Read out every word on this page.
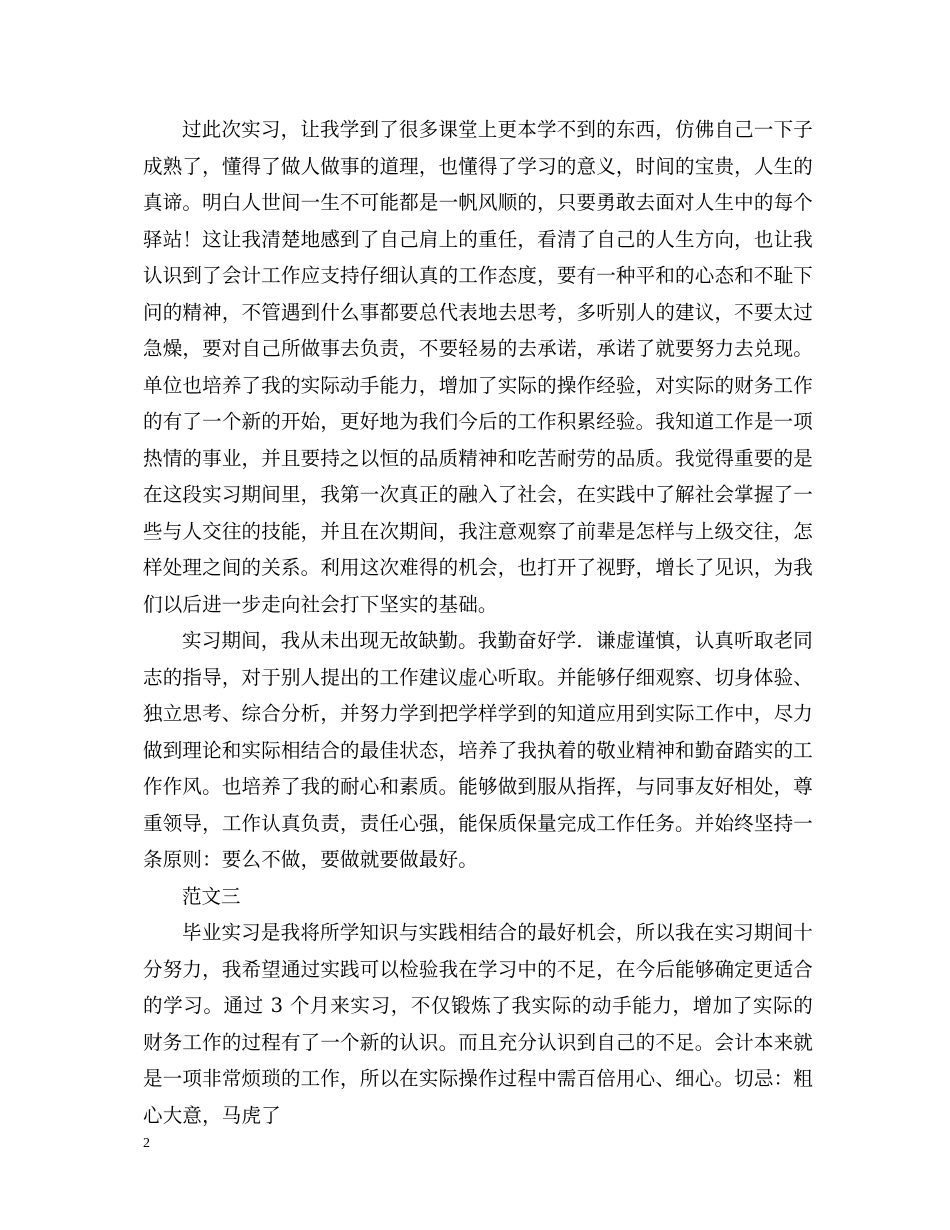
过此次实习，让我学到了很多课堂上更本学不到的东西，仿佛自己一下子成熟了，懂得了做人做事的道理，也懂得了学习的意义，时间的宝贵，人生的真谛。明白人世间一生不可能都是一帆风顺的，只要勇敢去面对人生中的每个驿站！这让我清楚地感到了自己肩上的重任，看清了自己的人生方向，也让我认识到了会计工作应支持仔细认真的工作态度，要有一种平和的心态和不耻下问的精神，不管遇到什么事都要总代表地去思考，多听别人的建议，不要太过急燥，要对自己所做事去负责，不要轻易的去承诺，承诺了就要努力去兑现。单位也培养了我的实际动手能力，增加了实际的操作经验，对实际的财务工作的有了一个新的开始，更好地为我们今后的工作积累经验。我知道工作是一项热情的事业，并且要持之以恒的品质精神和吃苦耐劳的品质。我觉得重要的是在这段实习期间里，我第一次真正的融入了社会，在实践中了解社会掌握了一些与人交往的技能，并且在次期间，我注意观察了前辈是怎样与上级交往，怎样处理之间的关系。利用这次难得的机会，也打开了视野，增长了见识，为我们以后进一步走向社会打下坚实的基础。

实习期间，我从未出现无故缺勤。我勤奋好学．谦虚谨慎，认真听取老同志的指导，对于别人提出的工作建议虚心听取。并能够仔细观察、切身体验、独立思考、综合分析，并努力学到把学样学到的知道应用到实际工作中，尽力做到理论和实际相结合的最佳状态，培养了我执着的敬业精神和勤奋踏实的工作作风。也培养了我的耐心和素质。能够做到服从指挥，与同事友好相处，尊重领导，工作认真负责，责任心强，能保质保量完成工作任务。并始终坚持一条原则：要么不做，要做就要做最好。

范文三

毕业实习是我将所学知识与实践相结合的最好机会，所以我在实习期间十分努力，我希望通过实践可以检验我在学习中的不足，在今后能够确定更适合的学习。通过 3 个月来实习，不仅锻炼了我实际的动手能力，增加了实际的财务工作的过程有了一个新的认识。而且充分认识到自己的不足。会计本来就是一项非常烦琐的工作，所以在实际操作过程中需百倍用心、细心。切忌：粗心大意，马虎了

2
